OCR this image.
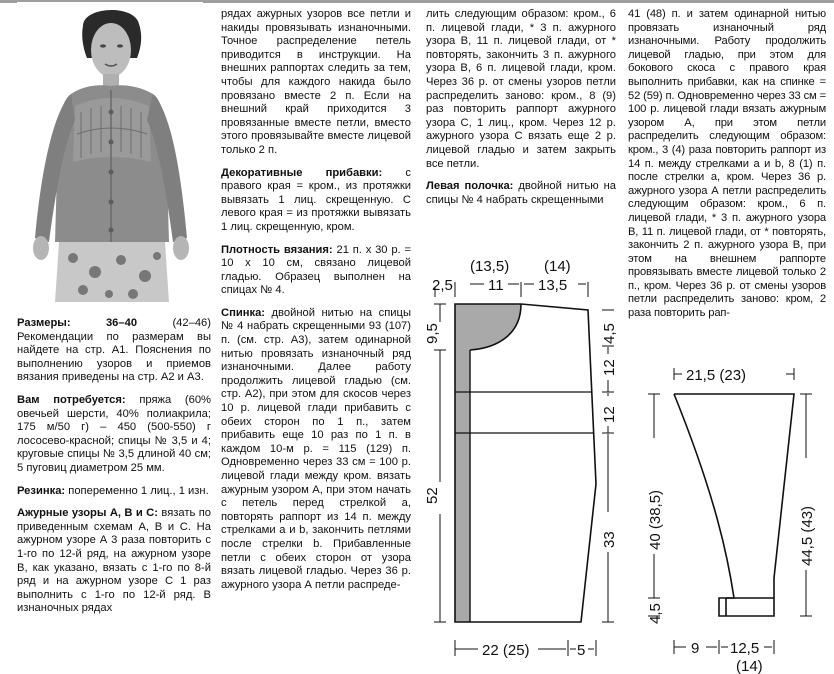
Размеры: 36–40	(42–46) Рекомендации по размерам вы найдете на стр. А1. Пояснения по выполнению узоров и приемов вязания приведены на стр. А2 и А3.

Вам потребуется: пряжа (60% овечьей шерсти, 40% полиакрила; 175 м/50 г) – 450 (500-550) г лососево-красной; спицы № 3,5 и 4; круговые спицы № 3,5 длиной 40 см; 5 пуговиц диаметром 25 мм.

Резинка: попеременно 1 лиц., 1 изн.

Ажурные узоры А, В и С: вязать по приведенным схемам А, В и С. На ажурном узоре А 3 раза повторить с 1-го по 12-й ряд, на ажурном узоре В, как указано, вязать с 1-го по 8-й ряд и на ажурном узоре С 1 раз выполнить с 1-го по 12-й ряд. В изнаночных рядах

рядах ажурных узоров все петли и накиды провязывать изнаночными. Точное распределение петель приводится в инструкции. На внешних раппортах следить за тем, чтобы для каждого накида было провязано вместе 2 п. Если на внешний край приходится 3 провязанные вместе петли, вместо этого провязывайте вместе лицевой только 2 п.

Декоративные прибавки: с правого края = кром., из протяжки вывязать 1 лиц. скрещенную. С левого края = из протяжки вывязать 1 лиц. скрещенную, кром.

Плотность вязания: 21 п. х 30 р. = 10 х 10 см, связано лицевой гладью. Образец выполнен на спицах № 4.

Спинка: двойной нитью на спицы № 4 набрать скрещенными 93 (107) п. (см. стр. А3), затем одинарной нитью провязать изнаночный ряд изнаночными. Далее работу продолжить лицевой гладью (см. стр. А2), при этом для скосов через 10 р. лицевой глади прибавить с обеих сторон по 1 п., затем прибавить еще 10 раз по 1 п. в каждом 10-м р. = 115 (129) п. Одновременно через 33 см = 100 р. лицевой глади между кром. вязать ажурным узором А, при этом начать с петель перед стрелкой а, повторять раппорт из 14 п. между стрелками а и b, закончить петлями после стрелки b. Прибавленные петли с обеих сторон от узора вязать лицевой гладью. Через 36 р. ажурного узора А петли распреде-

лить следующим образом: кром., 6 п. лицевой глади, * 3 п. ажурного узора В, 11 п. лицевой глади, от * повторять, закончить 3 п. ажурного узора В, 6 п. лицевой глади, кром. Через 36 р. от смены узоров петли распределить заново: кром., 8 (9) раз повторить раппорт ажурного узора С, 1 лиц., кром. Через 12 р. ажурного узора С вязать еще 2 р. лицевой гладью и затем закрыть все петли.

Левая полочка: двойной нитью на спицы № 4 набрать скрещенными

41 (48) п. и затем одинарной нитью провязать изнаночный ряд изнаночными. Работу продолжить лицевой гладью, при этом для бокового скоса с правого края выполнить прибавки, как на спинке = 52 (59) п. Одновременно через 33 см = 100 р. лицевой глади вязать ажурным узором А, при этом петли распределить следующим образом: кром., 3 (4) раза повторить раппорт из 14 п. между стрелками а и b, 8 (1) п. после стрелки а, кром. Через 36 р. ажурного узора А петли распределить следующим образом: кром., 6 п. лицевой глади, * 3 п. ажурного узора В, 11 п. лицевой глади, от * повторять, закончить 2 п. ажурного узора В, при этом на внешнем раппорте провязывать вместе лицевой только 2 п., кром. Через 36 р. от смены узоров петли распределить заново: кром, 2 раза повторить рап-

(13,5) (14)
2,5 11 13,5
9,5
52
4,5
12
12
33
22 (25)	5
21,5 (23)
40 (38,5)
4,5
44,5 (43)
9 12,5
(14)
